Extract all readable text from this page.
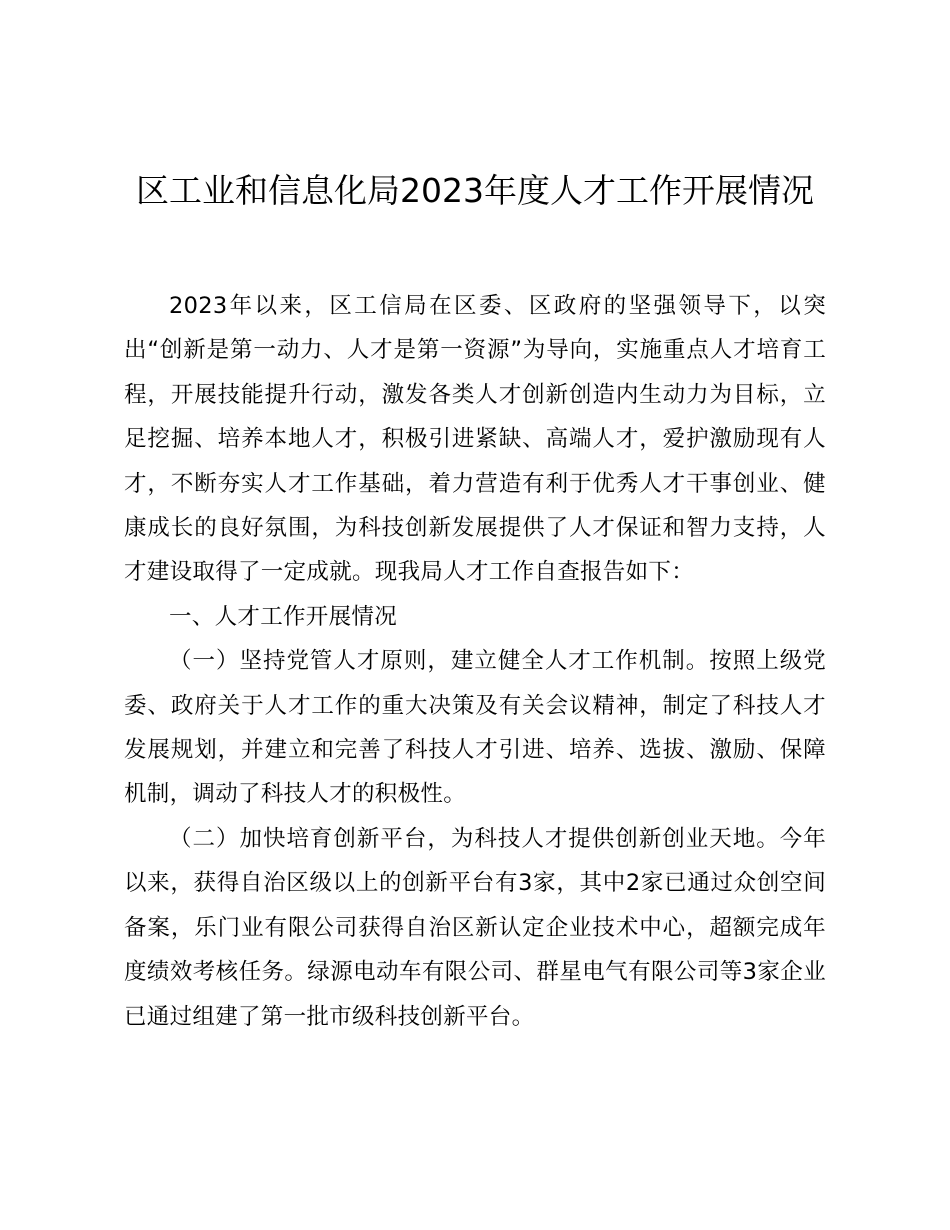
区工业和信息化局2023年度人才工作开展情况

2023年以来，区工信局在区委、区政府的坚强领导下，以突出“创新是第一动力、人才是第一资源”为导向，实施重点人才培育工程，开展技能提升行动，激发各类人才创新创造内生动力为目标，立足挖掘、培养本地人才，积极引进紧缺、高端人才，爱护激励现有人才，不断夯实人才工作基础，着力营造有利于优秀人才干事创业、健康成长的良好氛围，为科技创新发展提供了人才保证和智力支持，人才建设取得了一定成就。现我局人才工作自查报告如下：

一、人才工作开展情况

（一）坚持党管人才原则，建立健全人才工作机制。按照上级党委、政府关于人才工作的重大决策及有关会议精神，制定了科技人才发展规划，并建立和完善了科技人才引进、培养、选拔、激励、保障机制，调动了科技人才的积极性。

（二）加快培育创新平台，为科技人才提供创新创业天地。今年以来，获得自治区级以上的创新平台有3家，其中2家已通过众创空间备案，乐门业有限公司获得自治区新认定企业技术中心，超额完成年度绩效考核任务。绿源电动车有限公司、群星电气有限公司等3家企业已通过组建了第一批市级科技创新平台。
